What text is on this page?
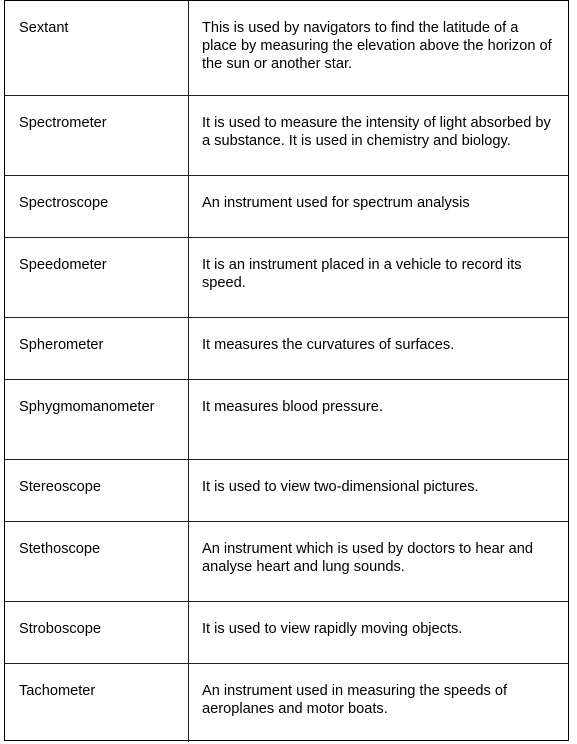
Sextant	This is used by navigators to find the latitude of a place by measuring the elevation above the horizon of the sun or another star.
Spectrometer	It is used to measure the intensity of light absorbed by a substance. It is used in chemistry and biology.
Spectroscope	An instrument used for spectrum analysis
Speedometer	It is an instrument placed in a vehicle to record its speed.
Spherometer	It measures the curvatures of surfaces.
Sphygmomanometer	It measures blood pressure.
Stereoscope	It is used to view two-dimensional pictures.
Stethoscope	An instrument which is used by doctors to hear and analyse heart and lung sounds.
Stroboscope	It is used to view rapidly moving objects.
Tachometer	An instrument used in measuring the speeds of aeroplanes and motor boats.
